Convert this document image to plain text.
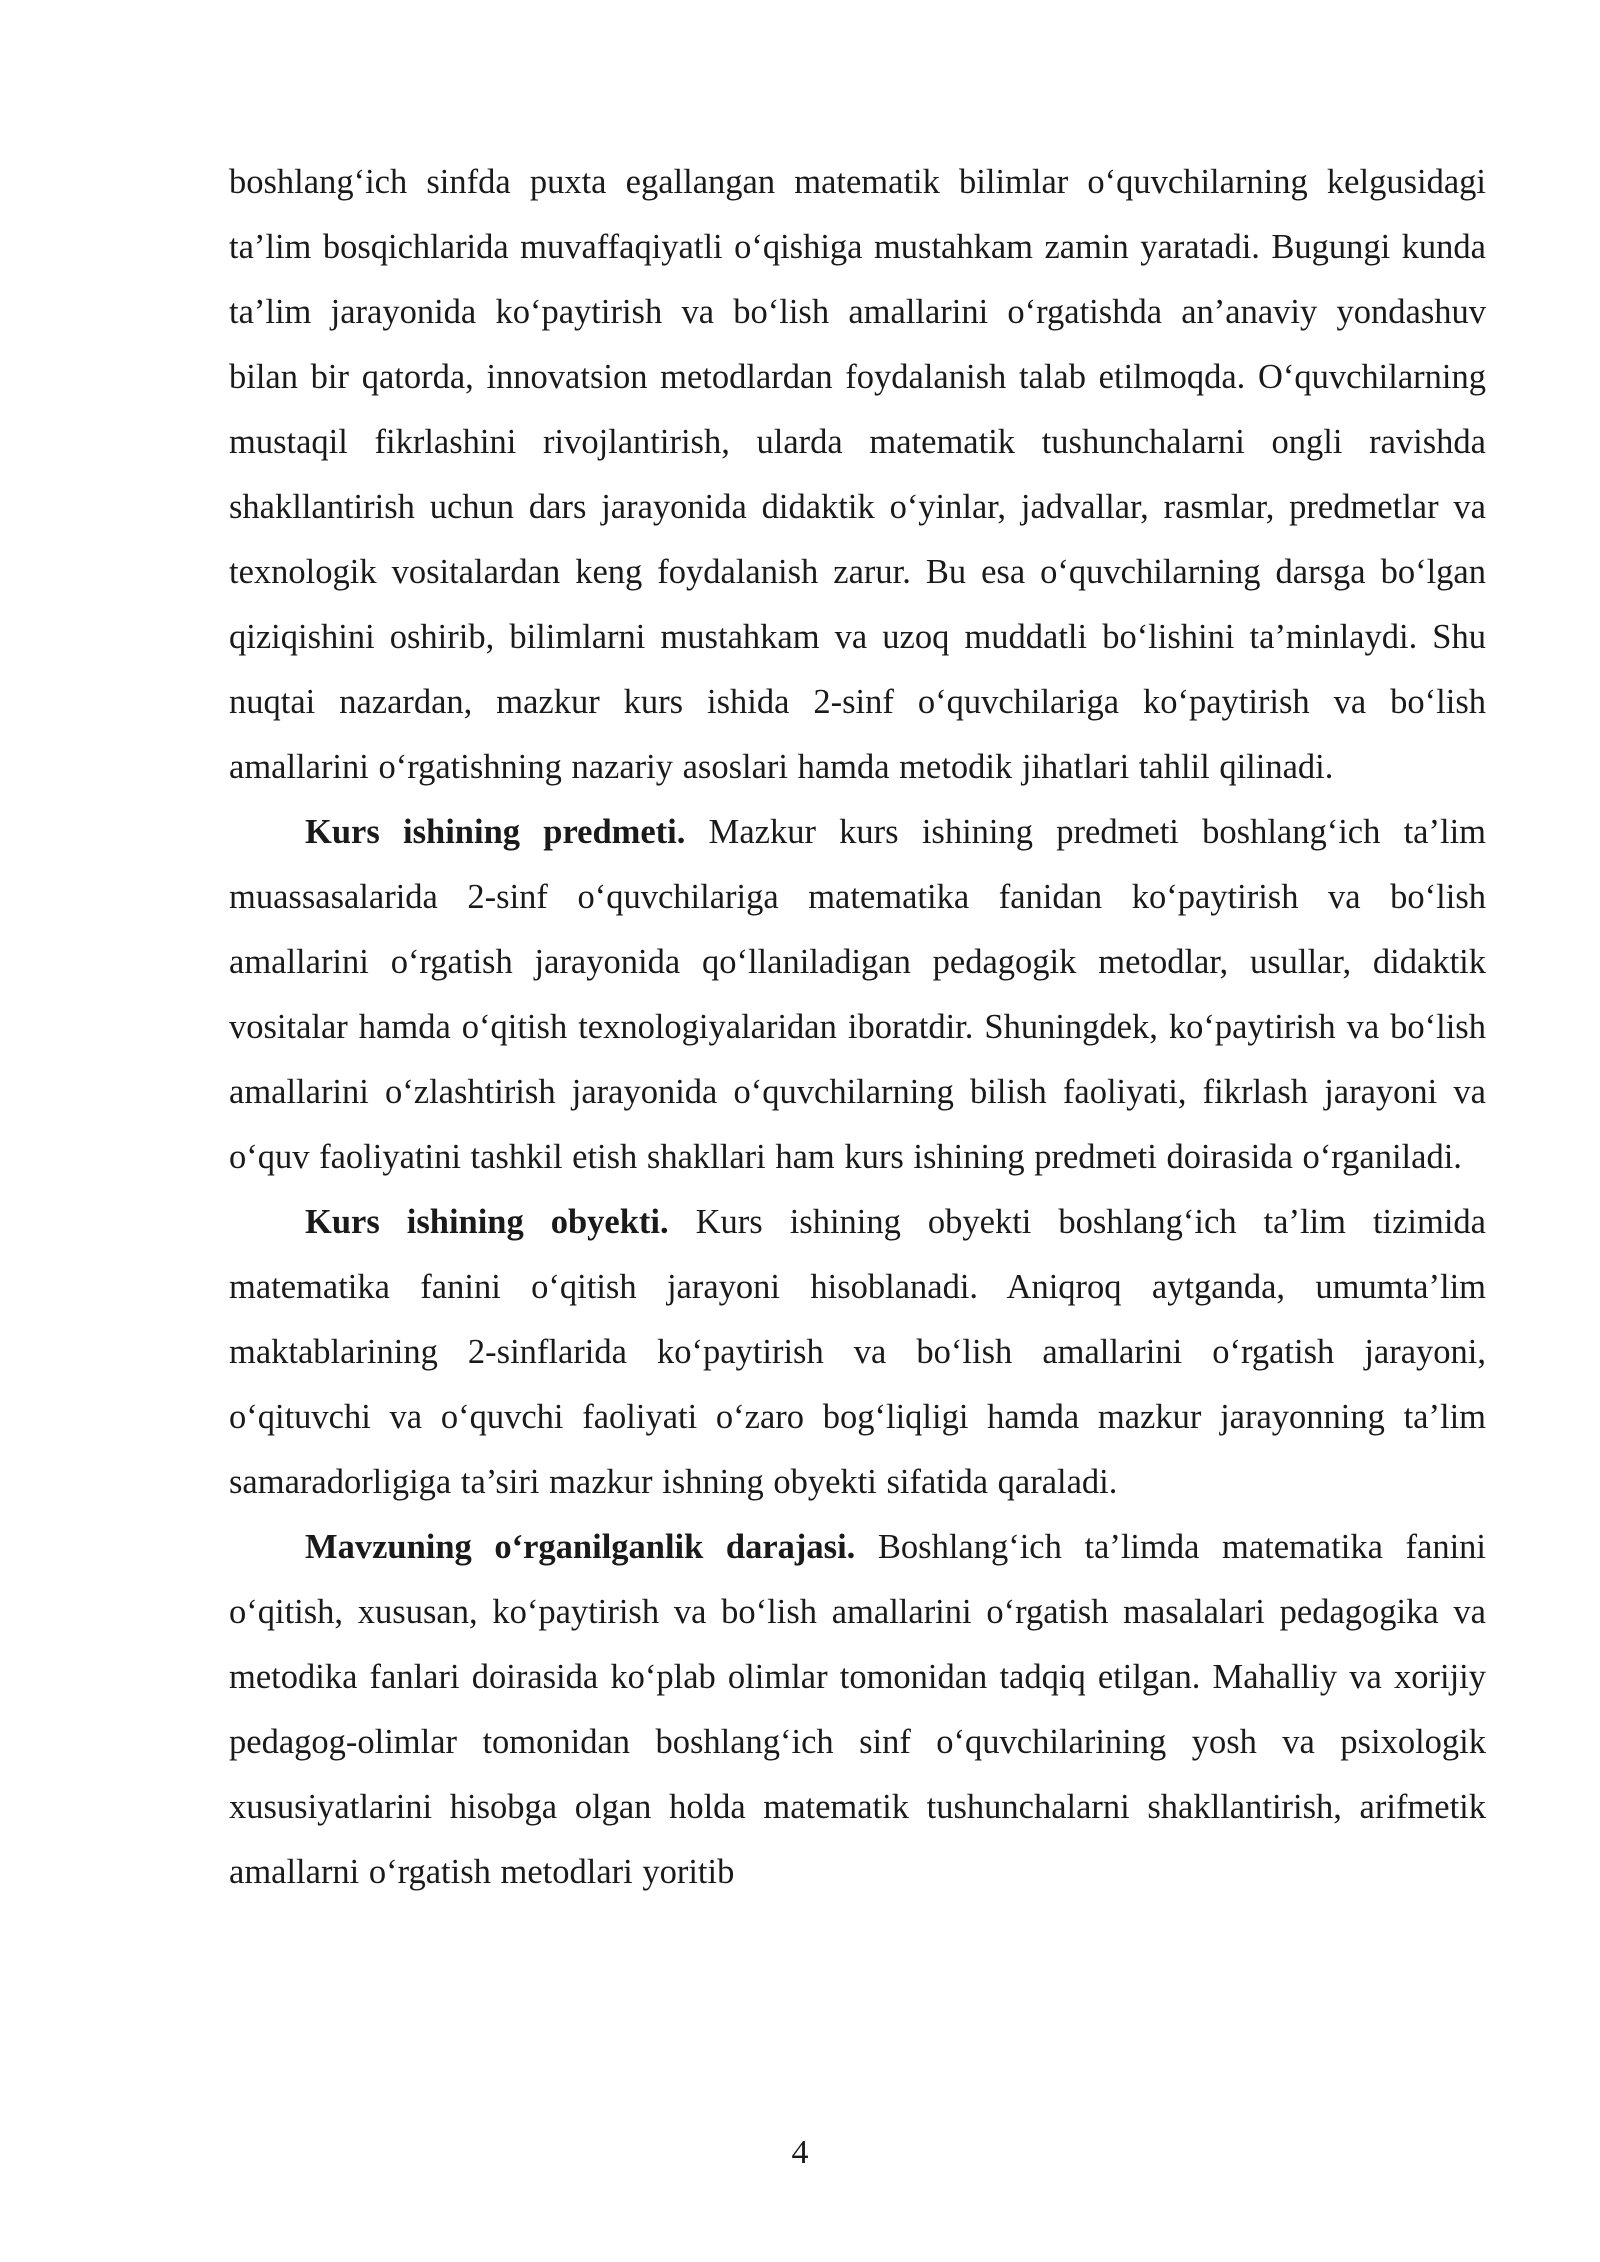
boshlang‘ich sinfda puxta egallangan matematik bilimlar o‘quvchilarning kelgusidagi ta’lim bosqichlarida muvaffaqiyatli o‘qishiga mustahkam zamin yaratadi. Bugungi kunda ta’lim jarayonida ko‘paytirish va bo‘lish amallarini o‘rgatishda an’anaviy yondashuv bilan bir qatorda, innovatsion metodlardan foydalanish talab etilmoqda. O‘quvchilarning mustaqil fikrlashini rivojlantirish, ularda matematik tushunchalarni ongli ravishda shakllantirish uchun dars jarayonida didaktik o‘yinlar, jadvallar, rasmlar, predmetlar va texnologik vositalardan keng foydalanish zarur. Bu esa o‘quvchilarning darsga bo‘lgan qiziqishini oshirib, bilimlarni mustahkam va uzoq muddatli bo‘lishini ta’minlaydi. Shu nuqtai nazardan, mazkur kurs ishida 2-sinf o‘quvchilariga ko‘paytirish va bo‘lish amallarini o‘rgatishning nazariy asoslari hamda metodik jihatlari tahlil qilinadi.

Kurs ishining predmeti. Mazkur kurs ishining predmeti boshlang‘ich ta’lim muassasalarida 2-sinf o‘quvchilariga matematika fanidan ko‘paytirish va bo‘lish amallarini o‘rgatish jarayonida qo‘llaniladigan pedagogik metodlar, usullar, didaktik vositalar hamda o‘qitish texnologiyalaridan iboratdir. Shuningdek, ko‘paytirish va bo‘lish amallarini o‘zlashtirish jarayonida o‘quvchilarning bilish faoliyati, fikrlash jarayoni va o‘quv faoliyatini tashkil etish shakllari ham kurs ishining predmeti doirasida o‘rganiladi.

Kurs ishining obyekti. Kurs ishining obyekti boshlang‘ich ta’lim tizimida matematika fanini o‘qitish jarayoni hisoblanadi. Aniqroq aytganda, umumta’lim maktablarining 2-sinflarida ko‘paytirish va bo‘lish amallarini o‘rgatish jarayoni, o‘qituvchi va o‘quvchi faoliyati o‘zaro bog‘liqligi hamda mazkur jarayonning ta’lim samaradorligiga ta’siri mazkur ishning obyekti sifatida qaraladi.

Mavzuning o‘rganilganlik darajasi. Boshlang‘ich ta’limda matematika fanini o‘qitish, xususan, ko‘paytirish va bo‘lish amallarini o‘rgatish masalalari pedagogika va metodika fanlari doirasida ko‘plab olimlar tomonidan tadqiq etilgan. Mahalliy va xorijiy pedagog-olimlar tomonidan boshlang‘ich sinf o‘quvchilarining yosh va psixologik xususiyatlarini hisobga olgan holda matematik tushunchalarni shakllantirish, arifmetik amallarni o‘rgatish metodlari yoritib

4
